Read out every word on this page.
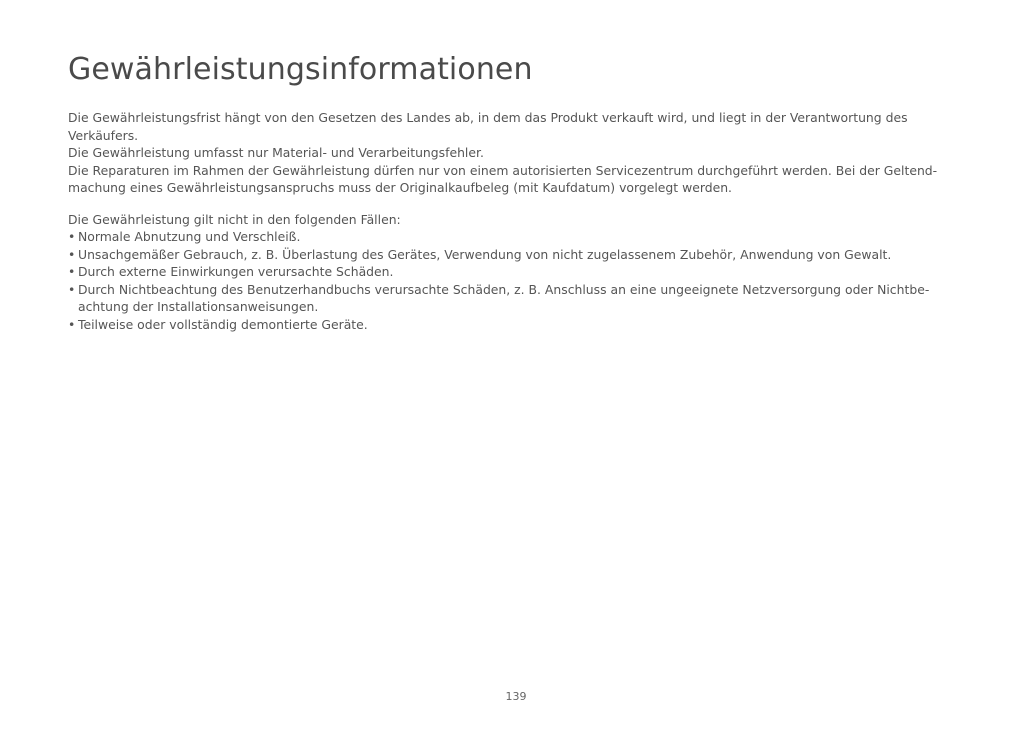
Gewährleistungsinformationen

Die Gewährleistungsfrist hängt von den Gesetzen des Landes ab, in dem das Produkt verkauft wird, und liegt in der Verantwortung des Verkäufers.

Die Gewährleistung umfasst nur Material- und Verarbeitungsfehler.

Die Reparaturen im Rahmen der Gewährleistung dürfen nur von einem autorisierten Servicezentrum durchgeführt werden. Bei der Geltend-machung eines Gewährleistungsanspruchs muss der Originalkaufbeleg (mit Kaufdatum) vorgelegt werden.

Die Gewährleistung gilt nicht in den folgenden Fällen:

• Normale Abnutzung und Verschleiß.
• Unsachgemäßer Gebrauch, z. B. Überlastung des Gerätes, Verwendung von nicht zugelassenem Zubehör, Anwendung von Gewalt.
• Durch externe Einwirkungen verursachte Schäden.
• Durch Nichtbeachtung des Benutzerhandbuchs verursachte Schäden, z. B. Anschluss an eine ungeeignete Netzversorgung oder Nichtbe-achtung der Installationsanweisungen.
• Teilweise oder vollständig demontierte Geräte.
139
